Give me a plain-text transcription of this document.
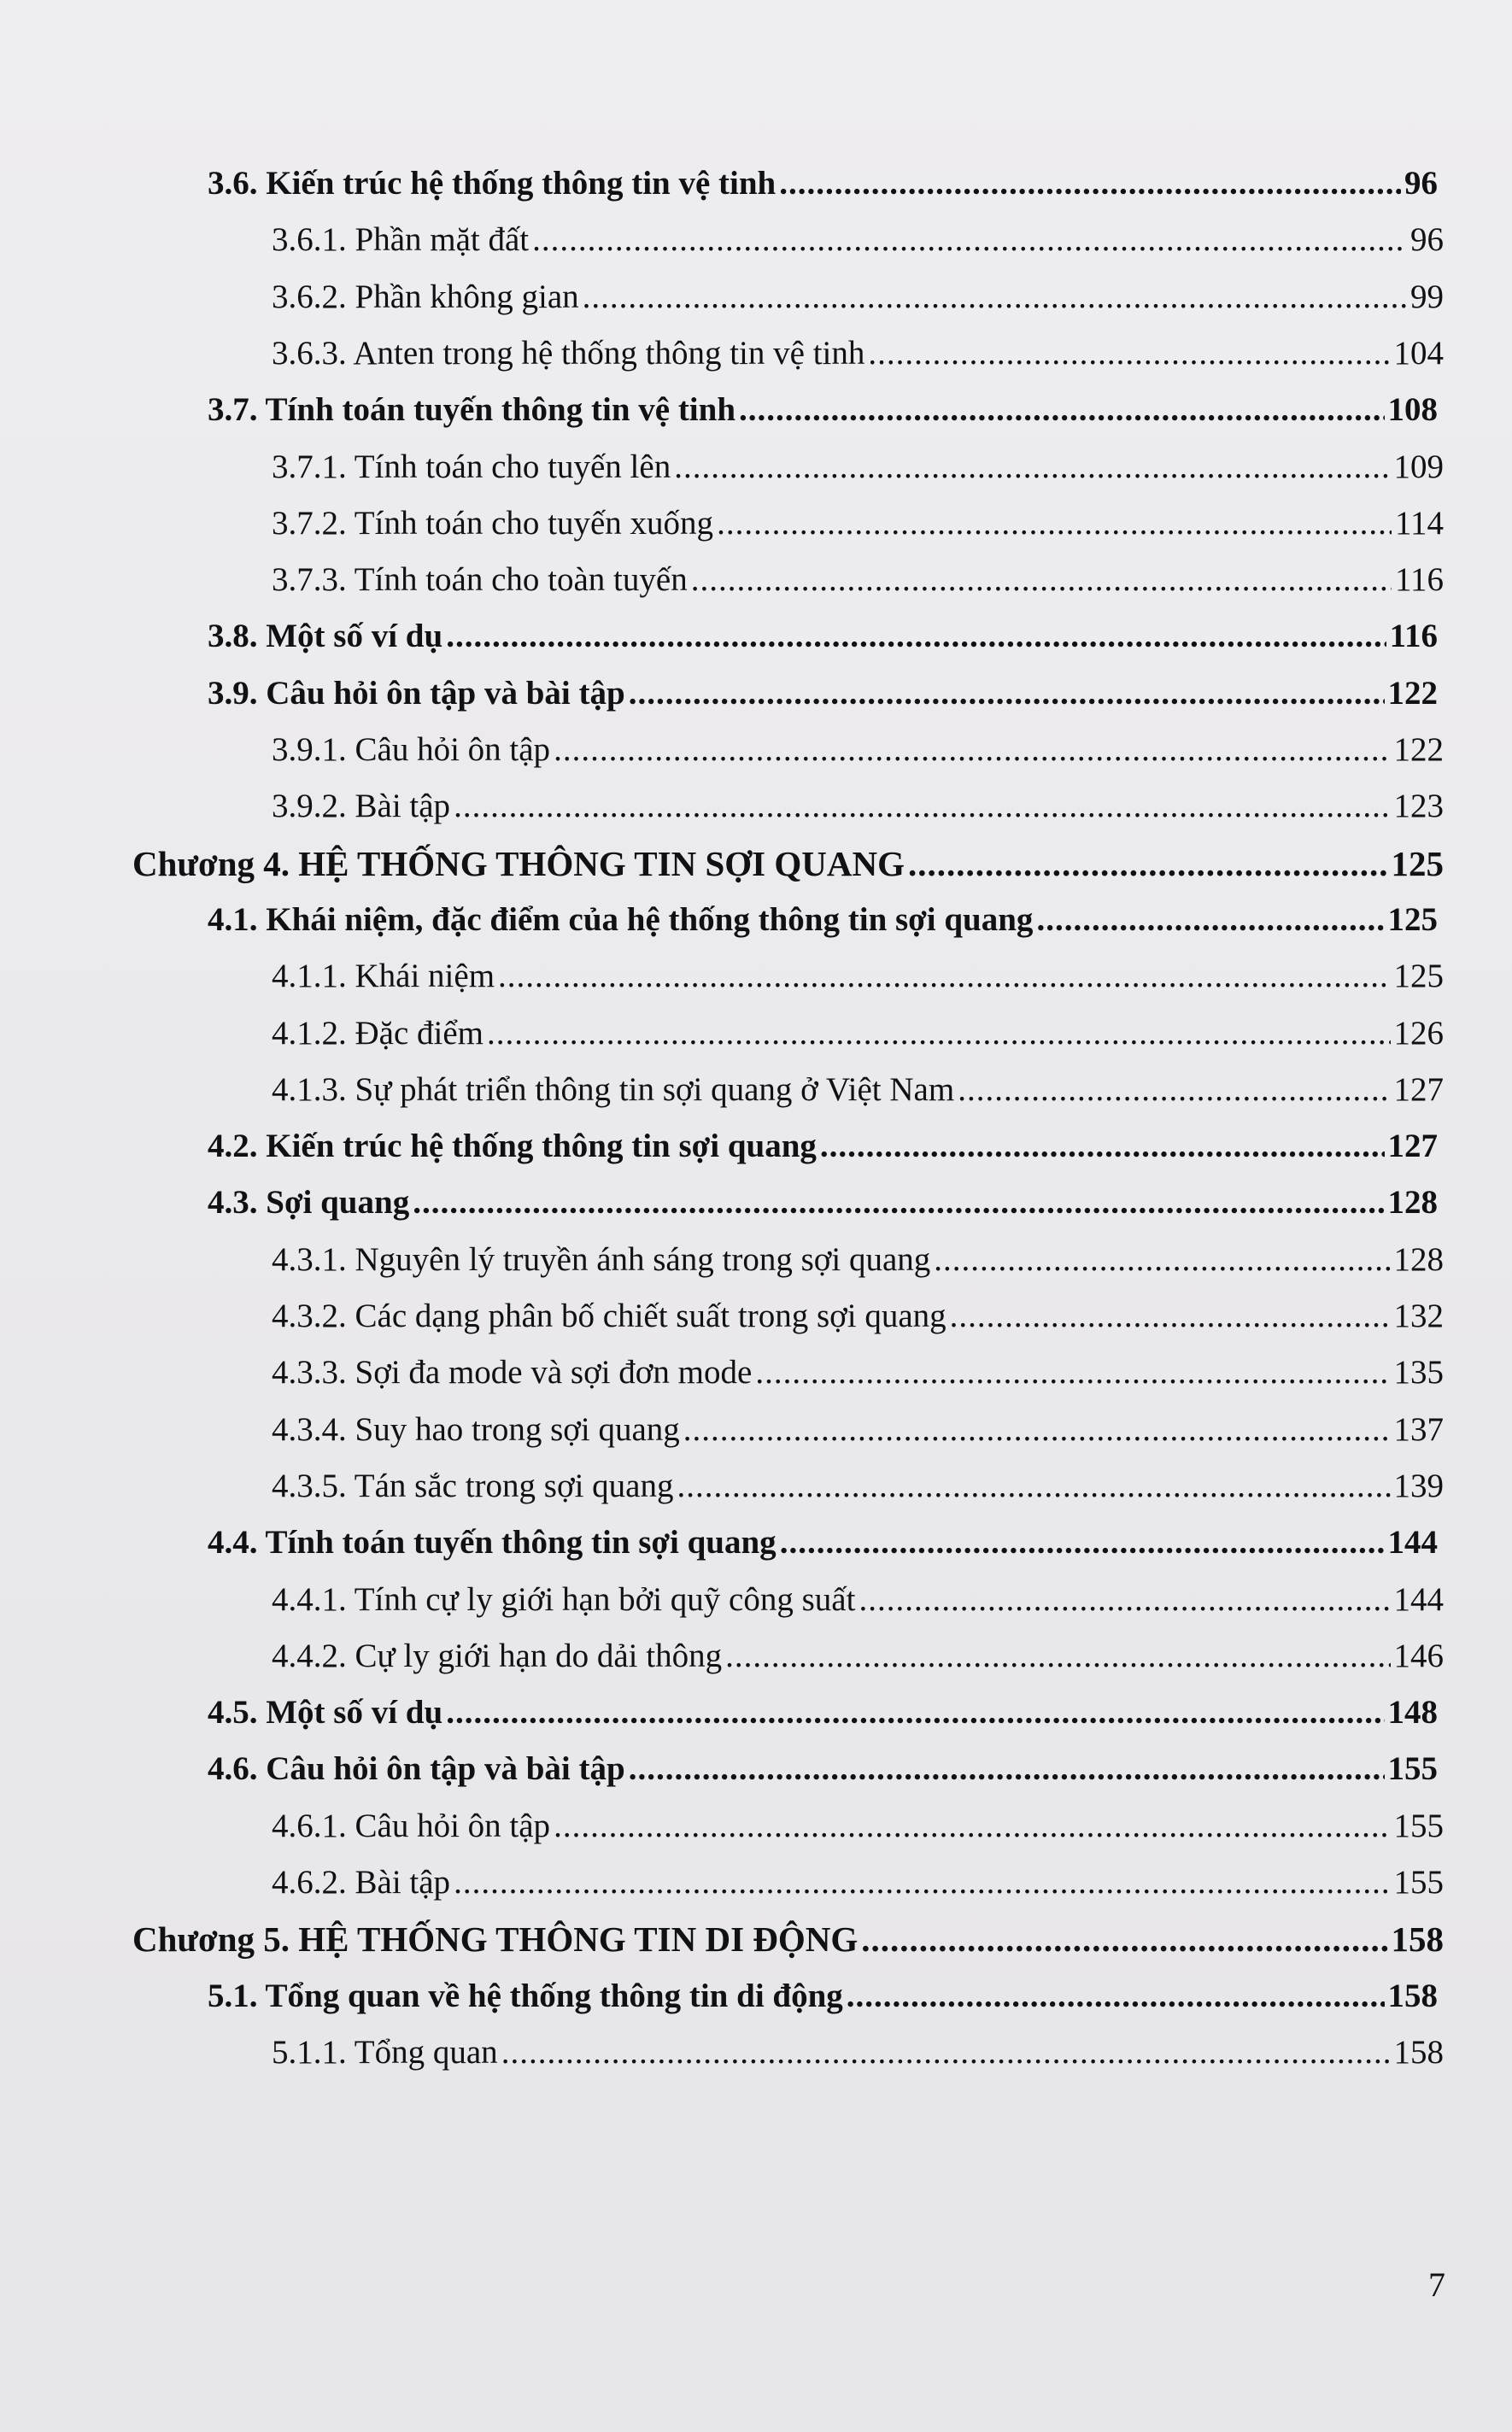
3.6. Kiến trúc hệ thống thông tin vệ tinh .....	96
3.6.1. Phần mặt đất .....	96
3.6.2. Phần không gian .....	99
3.6.3. Anten trong hệ thống thông tin vệ tinh .....	104
3.7. Tính toán tuyến thông tin vệ tinh .....	108
3.7.1. Tính toán cho tuyến lên .....	109
3.7.2. Tính toán cho tuyến xuống .....	114
3.7.3. Tính toán cho toàn tuyến .....	116
3.8. Một số ví dụ .....	116
3.9. Câu hỏi ôn tập và bài tập .....	122
3.9.1. Câu hỏi ôn tập .....	122
3.9.2. Bài tập .....	123
Chương 4. HỆ THỐNG THÔNG TIN SỢI QUANG .....	125
4.1. Khái niệm, đặc điểm của hệ thống thông tin sợi quang .....	125
4.1.1. Khái niệm .....	125
4.1.2. Đặc điểm .....	126
4.1.3. Sự phát triển thông tin sợi quang ở Việt Nam .....	127
4.2. Kiến trúc hệ thống thông tin sợi quang .....	127
4.3. Sợi quang .....	128
4.3.1. Nguyên lý truyền ánh sáng trong sợi quang .....	128
4.3.2. Các dạng phân bố chiết suất trong sợi quang .....	132
4.3.3. Sợi đa mode và sợi đơn mode .....	135
4.3.4. Suy hao trong sợi quang .....	137
4.3.5. Tán sắc trong sợi quang .....	139
4.4. Tính toán tuyến thông tin sợi quang .....	144
4.4.1. Tính cự ly giới hạn bởi quỹ công suất .....	144
4.4.2. Cự ly giới hạn do dải thông .....	146
4.5. Một số ví dụ .....	148
4.6. Câu hỏi ôn tập và bài tập .....	155
4.6.1. Câu hỏi ôn tập .....	155
4.6.2. Bài tập .....	155
Chương 5. HỆ THỐNG THÔNG TIN DI ĐỘNG .....	158
5.1. Tổng quan về hệ thống thông tin di động .....	158
5.1.1. Tổng quan .....	158
7
